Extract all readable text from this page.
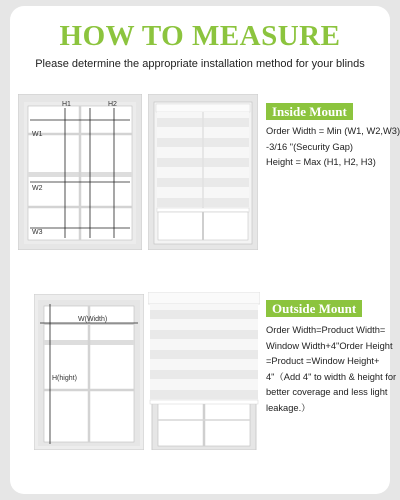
HOW TO MEASURE
Please determine the appropriate installation method for your blinds
H1	H2
W1
W2
W3
Inside Mount
Order Width = Min (W1, W2,W3)
-3/16 "(Security Gap)
Height = Max (H1, H2, H3)
W(Width)
H(hight)
Outside Mount
Order Width=Product Width=
Window Width+4"Order Height
=Product =Window Height+
4"（Add 4" to width & height for
better coverage and less light
leakage.）
